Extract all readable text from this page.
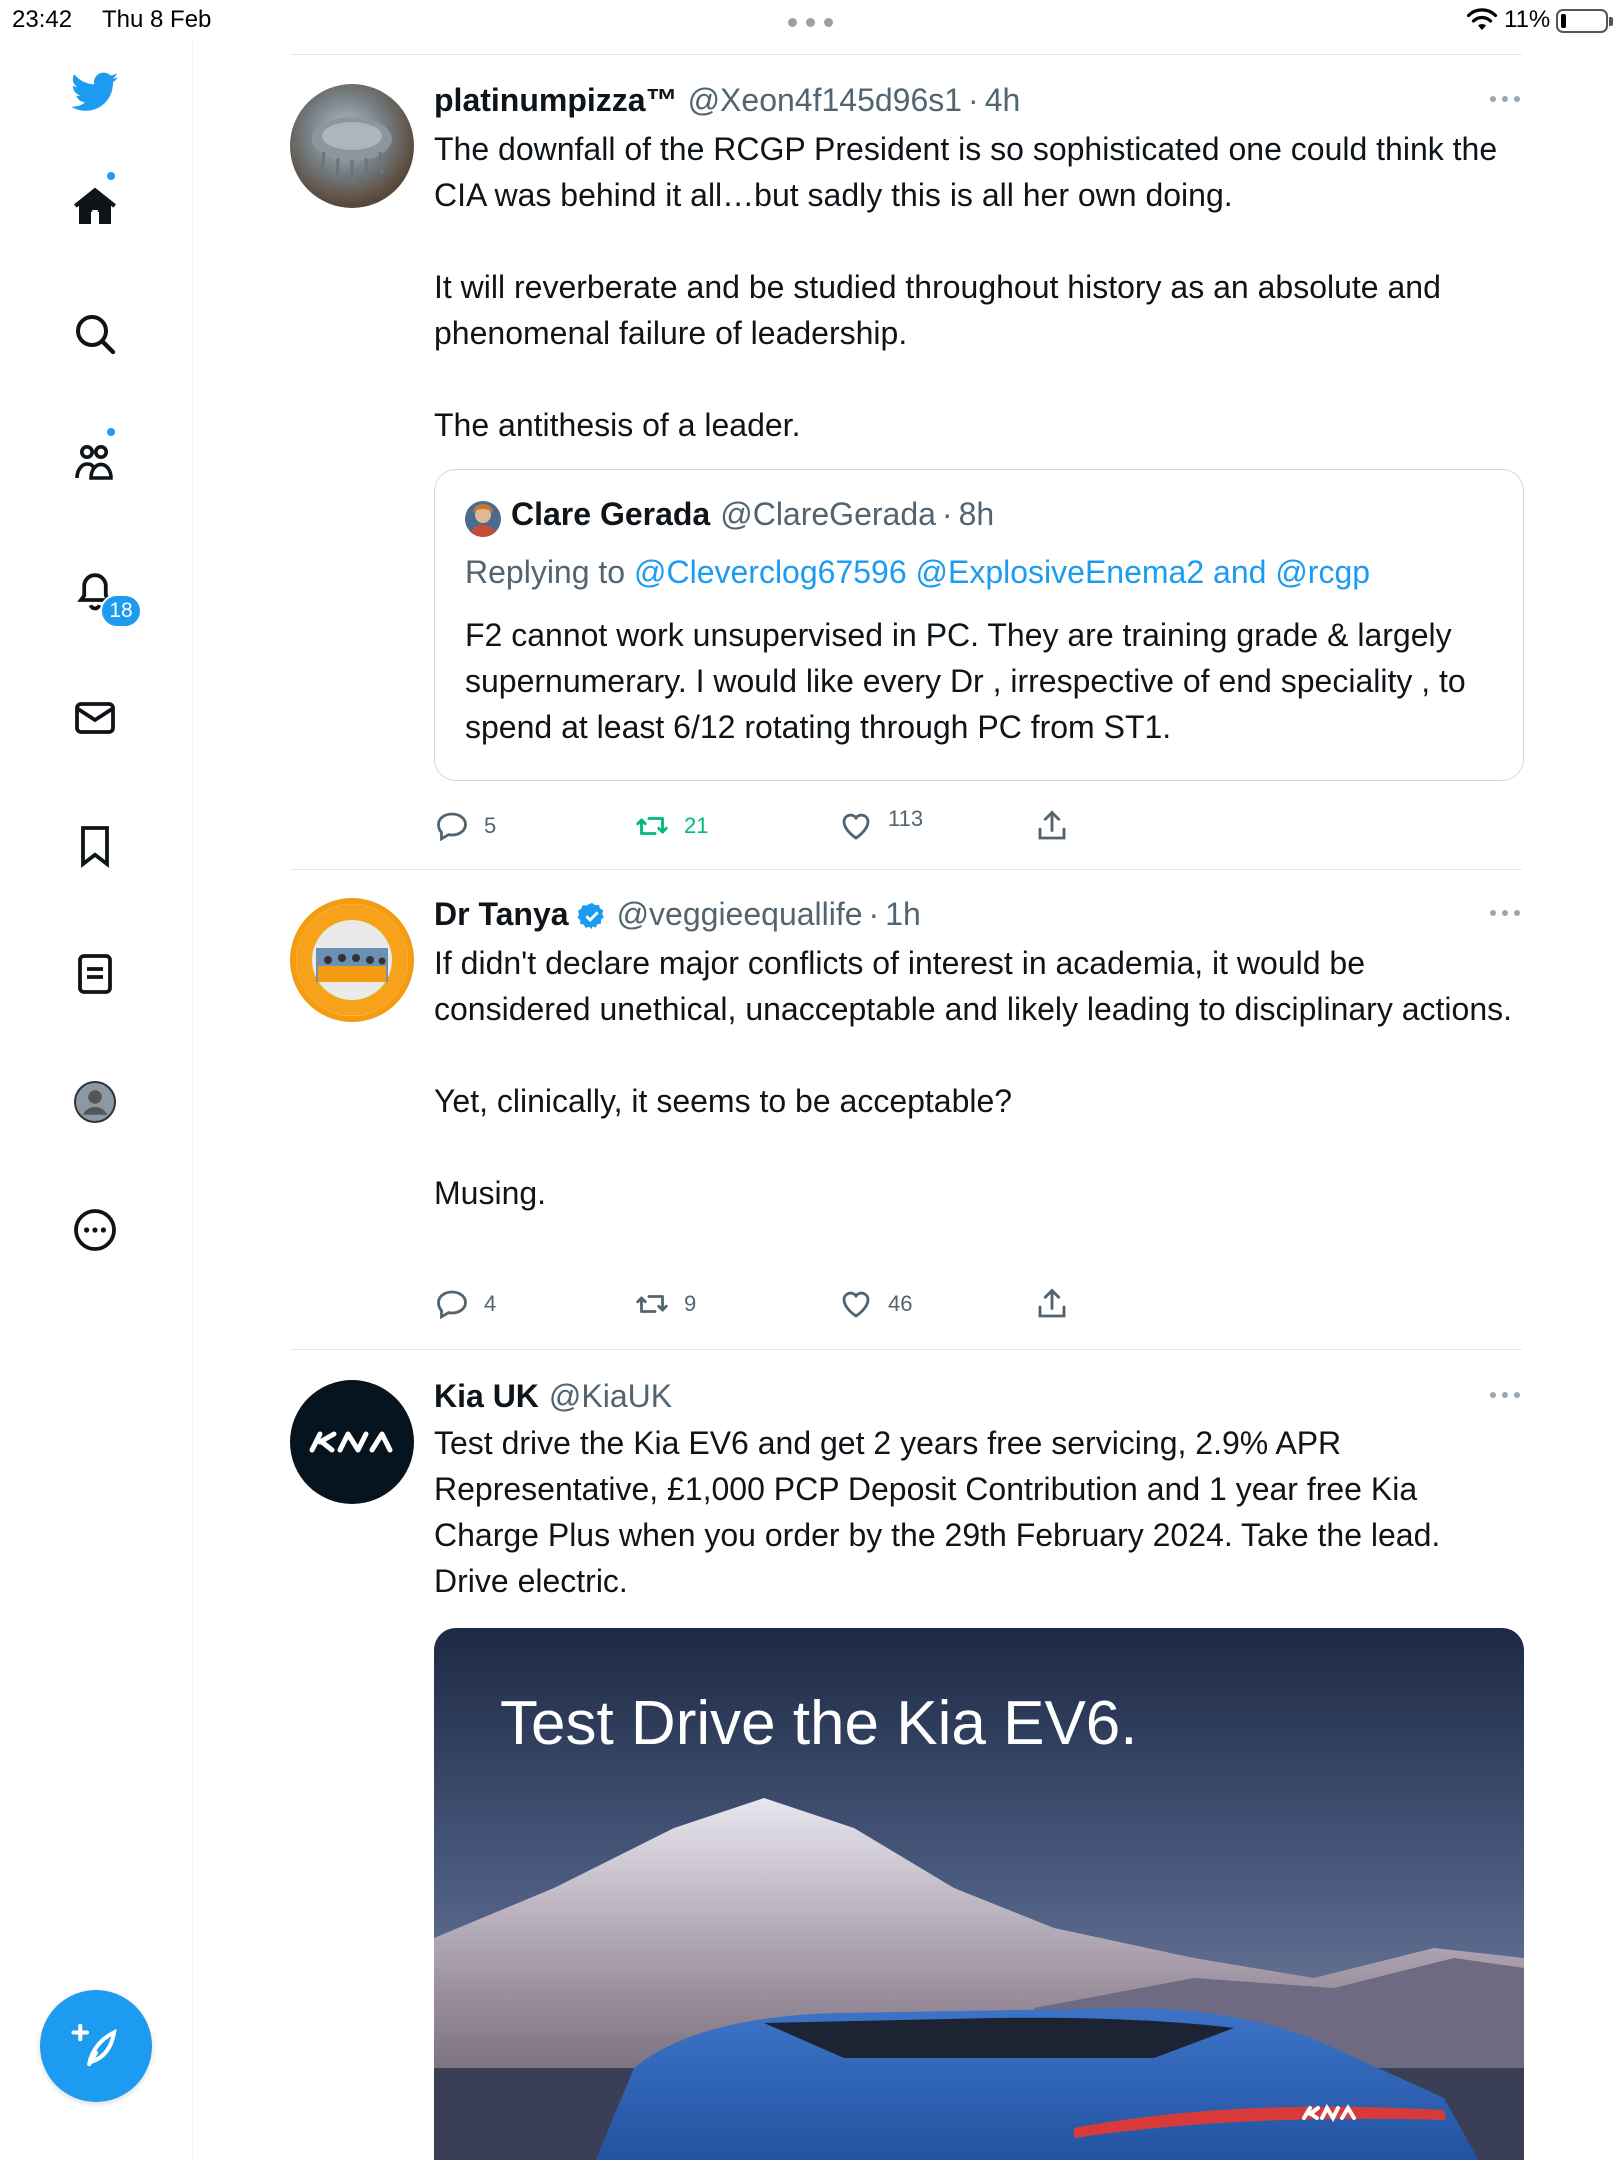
23:42 Thu 8 Feb	11%
18
platinumpizza™ @Xeon4f145d96s1 · 4h

The downfall of the RCGP President is so sophisticated one could think the CIA was behind it all…but sadly this is all her own doing.

It will reverberate and be studied throughout history as an absolute and phenomenal failure of leadership.

The antithesis of a leader.

Clare Gerada @ClareGerada · 8h
Replying to @Cleverclog67596 @ExplosiveEnema2 and @rcgp
F2 cannot work unsupervised in PC. They are training grade & largely supernumerary. I would like every Dr , irrespective of end speciality , to spend at least 6/12 rotating through PC from ST1.
5	21	113
Dr Tanya @veggieequallife · 1h

If didn't declare major conflicts of interest in academia, it would be considered unethical, unacceptable and likely leading to disciplinary actions.

Yet, clinically, it seems to be acceptable?

Musing.

4	9	46
Kia UK @KiaUK

Test drive the Kia EV6 and get 2 years free servicing, 2.9% APR Representative, £1,000 PCP Deposit Contribution and 1 year free Kia Charge Plus when you order by the 29th February 2024. Take the lead. Drive electric.

Test Drive the Kia EV6.
